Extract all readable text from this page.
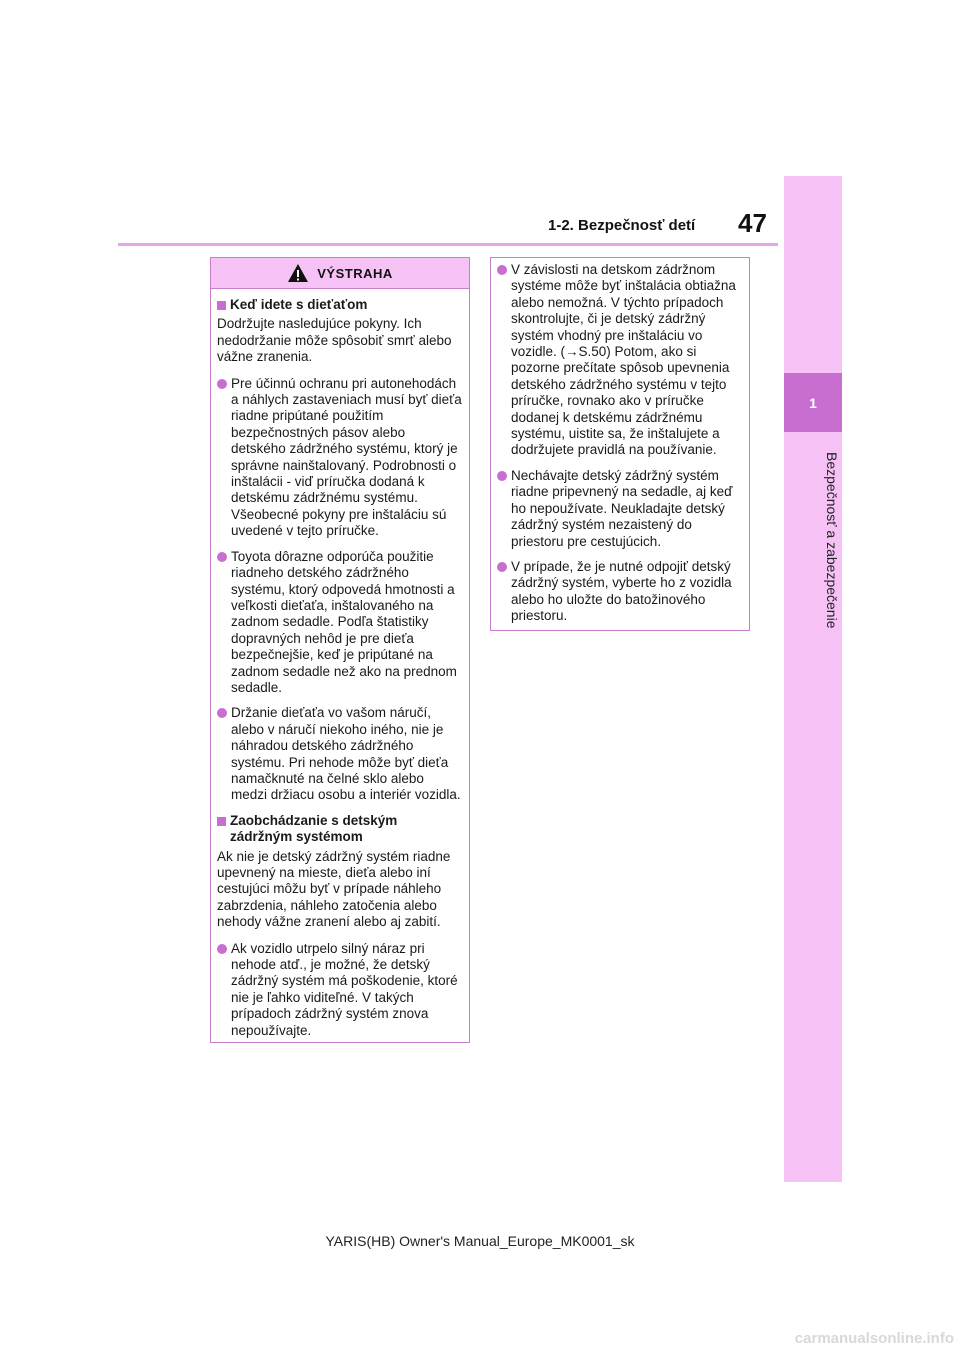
1
Bezpečnosť a zabezpečenie
47
1-2. Bezpečnosť detí
VÝSTRAHA
Keď idete s dieťaťom
Dodržujte nasledujúce pokyny. Ich nedodržanie môže spôsobiť smrť alebo vážne zranenia.
Pre účinnú ochranu pri autonehodách a náhlych zastaveniach musí byť dieťa riadne pripútané použitím bezpečnostných pásov alebo detského zádržného systému, ktorý je správne nainštalovaný. Podrobnosti o inštalácii - viď príručka dodaná k detskému zádržnému systému. Všeobecné pokyny pre inštaláciu sú uvedené v tejto príručke.
Toyota dôrazne odporúča použitie riadneho detského zádržného systému, ktorý odpovedá hmotnosti a veľkosti dieťaťa, inštalovaného na zadnom sedadle. Podľa štatistiky dopravných nehôd je pre dieťa bezpečnejšie, keď je pripútané na zadnom sedadle než ako na prednom sedadle.
Držanie dieťaťa vo vašom náručí, alebo v náručí niekoho iného, nie je náhradou detského zádržného systému. Pri nehode môže byť dieťa namačknuté na čelné sklo alebo medzi držiacu osobu a interiér vozidla.
Zaobchádzanie s detským zádržným systémom
Ak nie je detský zádržný systém riadne upevnený na mieste, dieťa alebo iní cestujúci môžu byť v prípade náhleho zabrzdenia, náhleho zatočenia alebo nehody vážne zranení alebo aj zabití.
Ak vozidlo utrpelo silný náraz pri nehode atď., je možné, že detský zádržný systém má poškodenie, ktoré nie je ľahko viditeľné. V takých prípadoch zádržný systém znova nepoužívajte.
V závislosti na detskom zádržnom systéme môže byť inštalácia obtiažna alebo nemožná. V týchto prípadoch skontrolujte, či je detský zádržný systém vhodný pre inštaláciu vo vozidle. (→S.50) Potom, ako si pozorne prečítate spôsob upevnenia detského zádržného systému v tejto príručke, rovnako ako v príručke dodanej k detskému zádržnému systému, uistite sa, že inštalujete a dodržujete pravidlá na používanie.
Nechávajte detský zádržný systém riadne pripevnený na sedadle, aj keď ho nepoužívate. Neukladajte detský zádržný systém nezaistený do priestoru pre cestujúcich.
V prípade, že je nutné odpojiť detský zádržný systém, vyberte ho z vozidla alebo ho uložte do batožinového priestoru.
YARIS(HB) Owner's Manual_Europe_MK0001_sk
carmanualsonline.info
